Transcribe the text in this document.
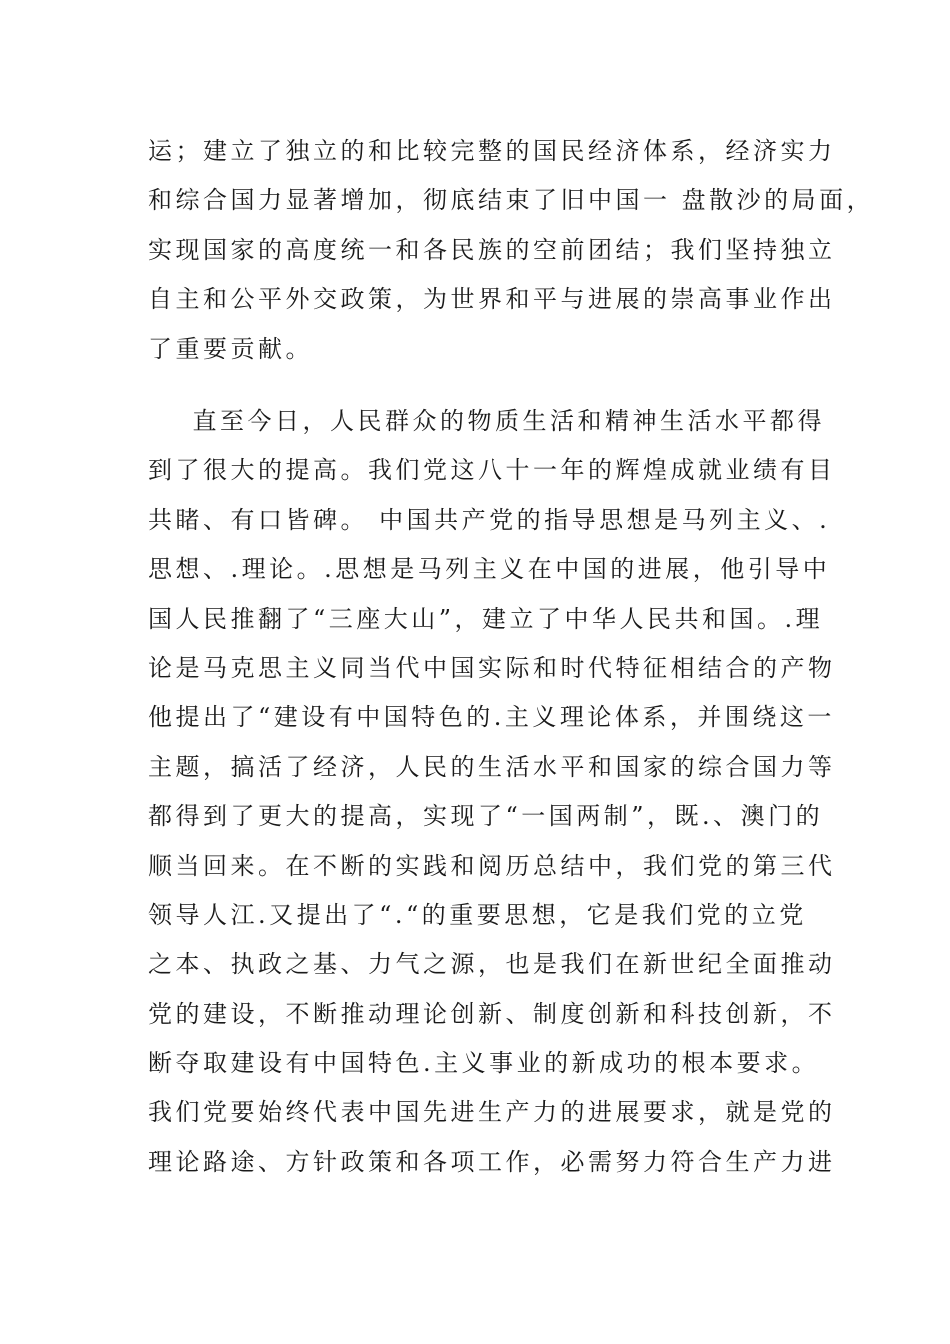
运；建立了独立的和比较完整的国民经济体系，经济实力
和综合国力显著增加，彻底结束了旧中国一 盘散沙的局面，
实现国家的高度统一和各民族的空前团结；我们坚持独立
自主和公平外交政策，为世界和平与进展的崇高事业作出
了重要贡献。
直至今日，人民群众的物质生活和精神生活水平都得
到了很大的提高。我们党这八十一年的辉煌成就业绩有目
共睹、有口皆碑。 中国共产党的指导思想是马列主义、.
思想、.理论。.思想是马列主义在中国的进展，他引导中
国人民推翻了“三座大山”，建立了中华人民共和国。.理
论是马克思主义同当代中国实际和时代特征相结合的产物
他提出了“建设有中国特色的.主义理论体系，并围绕这一
主题，搞活了经济，人民的生活水平和国家的综合国力等
都得到了更大的提高，实现了“一国两制”，既.、澳门的
顺当回来。在不断的实践和阅历总结中，我们党的第三代
领导人江.又提出了“.“的重要思想，它是我们党的立党
之本、执政之基、力气之源，也是我们在新世纪全面推动
党的建设，不断推动理论创新、制度创新和科技创新，不
断夺取建设有中国特色.主义事业的新成功的根本要求。
我们党要始终代表中国先进生产力的进展要求，就是党的
理论路途、方针政策和各项工作，必需努力符合生产力进
